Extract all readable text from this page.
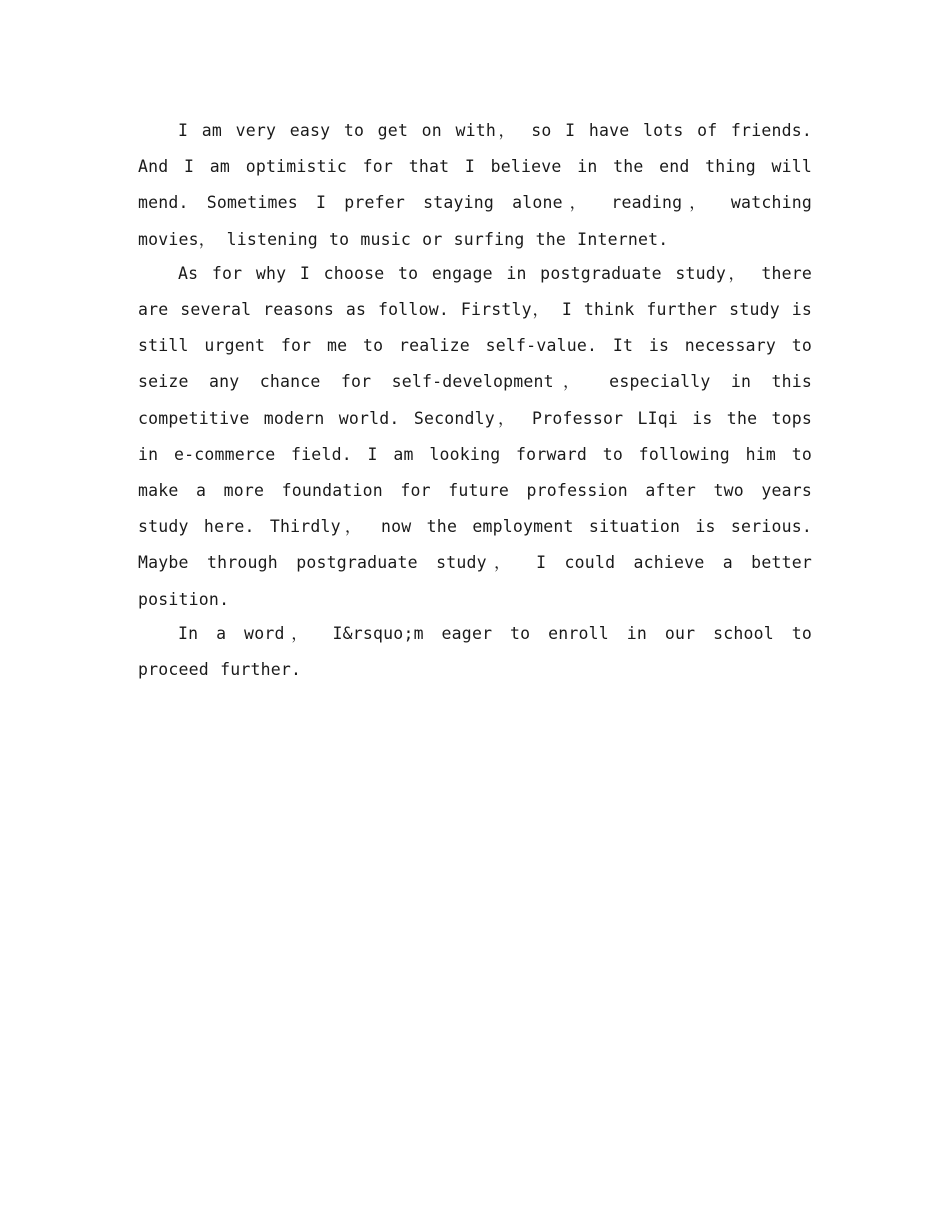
I am very easy to get on with， so I have lots of friends. And I am optimistic for that I believe in the end thing will mend. Sometimes I prefer staying alone， reading， watching movies， listening to music or surfing the Internet.

As for why I choose to engage in postgraduate study， there are several reasons as follow. Firstly， I think further study is still urgent for me to realize self-value. It is necessary to seize any chance for self-development， especially in this competitive modern world. Secondly， Professor LIqi is the tops in e-commerce field. I am looking forward to following him to make a more foundation for future profession after two years study here. Thirdly， now the employment situation is serious. Maybe through postgraduate study， I could achieve a better position.

In a word， I&rsquo;m eager to enroll in our school to proceed further.
